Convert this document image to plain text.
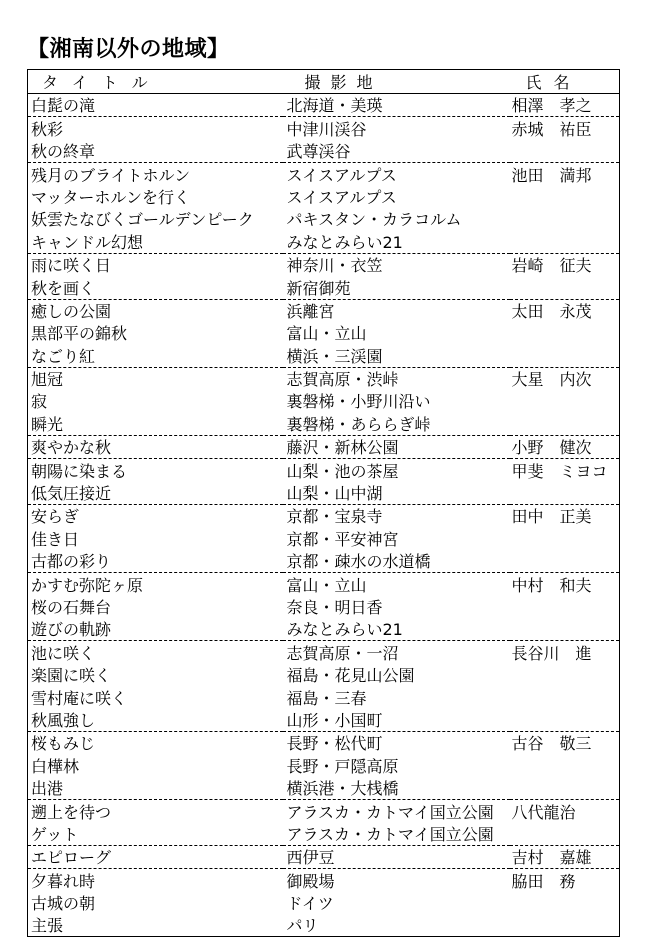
【湘南以外の地域】
タイトル	撮影地	氏名
白髭の滝	北海道・美瑛	相澤　孝之
秋彩	中津川渓谷	赤城　祐臣
秋の終章	武尊渓谷	
残月のブライトホルン	スイスアルプス	池田　満邦
マッターホルンを行く	スイスアルプス	
妖雲たなびくゴールデンピーク	パキスタン・カラコルム	
キャンドル幻想	みなとみらい21	
雨に咲く日	神奈川・衣笠	岩崎　征夫
秋を画く	新宿御苑	
癒しの公園	浜離宮	太田　永茂
黒部平の錦秋	富山・立山	
なごり紅	横浜・三渓園	
旭冠	志賀高原・渋峠	大星　内次
寂	裏磐梯・小野川沿い	
瞬光	裏磐梯・あららぎ峠	
爽やかな秋	藤沢・新林公園	小野　健次
朝陽に染まる	山梨・池の茶屋	甲斐　ミヨコ
低気圧接近	山梨・山中湖	
安らぎ	京都・宝泉寺	田中　正美
佳き日	京都・平安神宮	
古都の彩り	京都・疎水の水道橋	
かすむ弥陀ヶ原	富山・立山	中村　和夫
桜の石舞台	奈良・明日香	
遊びの軌跡	みなとみらい21	
池に咲く	志賀高原・一沼	長谷川　進
楽園に咲く	福島・花見山公園	
雪村庵に咲く	福島・三春	
秋風強し	山形・小国町	
桜もみじ	長野・松代町	古谷　敬三
白樺林	長野・戸隠高原	
出港	横浜港・大桟橋	
遡上を待つ	アラスカ・カトマイ国立公園	八代龍治
ゲット	アラスカ・カトマイ国立公園	
エピローグ	西伊豆	吉村　嘉雄
夕暮れ時	御殿場	脇田　務
古城の朝	ドイツ	
主張	パリ	
